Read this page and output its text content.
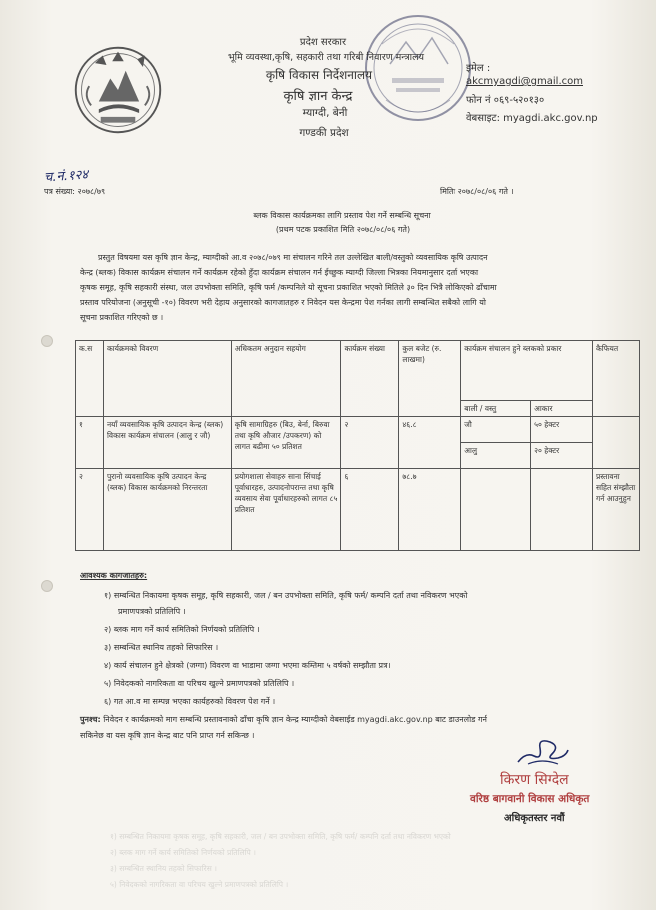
प्रदेश सरकार
भूमि व्यवस्था,कृषि, सहकारी तथा गरिबी निवारण मन्त्रालय
कृषि विकास निर्देशनालय
कृषि ज्ञान केन्द्र
म्याग्दी, बेनी
गण्डकी प्रदेश
इमेल :
akcmyagdi@gmail.com
फोन नं ०६९-५२०१३०
वेबसाइट: myagdi.akc.gov.np
च.नं.१२४
पत्र संख्या: २०७८/७९	मितिः २०७८/०८/०६ गते ।
ब्लक विकास कार्यक्रमका लागि प्रस्ताव पेश गर्ने सम्बन्धि सूचना
(प्रथम पटक प्रकाशित मिति २०७८/०८/०६ गते)
प्रस्तुत विषयमा यस कृषि ज्ञान केन्द्र, म्याग्दीको आ.व २०७८/०७९ मा संचालन गरिने तल उल्लेखित बाली/वस्तुको व्यवसायिक कृषि उत्पादन
केन्द्र (ब्लक) विकास कार्यक्रम संचालन गर्ने कार्यक्रम रहेको हुँदा कार्यक्रम संचालन गर्न ईच्छुक म्याग्दी जिल्ला भित्रका नियमानुसार दर्ता भएका
कृषक समूह, कृषि सहकारी संस्था, जल उपभोक्ता समिति, कृषि फर्म /कम्पनिले यो सूचना प्रकाशित भएको मितिले ३० दिन भित्रै लोकिएको ढाँचामा
प्रस्ताव परियोजना (अनुसूची -१०) विवरण भरी देहाय अनुसारको कागजातहरु र निवेदन यस केन्द्रमा पेश गर्नका लागी सम्बन्धित सबैको लागि यो
सूचना प्रकाशित गरिएको छ ।
क.स	कार्यक्रमको विवरण	अधिकतम अनुदान सहयोग	कार्यक्रम संख्या	कुल बजेट (रु. लाखमा)	कार्यक्रम संचालन हुने ब्लकको प्रकार		कैफियत
					बाली / वस्तु	आकार	
१	नयाँ व्यवसायिक कृषि उत्पादन केन्द्र (ब्लक) विकास कार्यक्रम संचालन (आलु र जौ)	कृषि सामाग्रिहरु (बिउ, बेर्ना, बिरुवा तथा कृषि औजार /उपकरण) को लागत बढीमा ५० प्रतिशत	२	४६.८	जौ	५० हेक्टर	
					आलु	२० हेक्टर	
२	पुरानो व्यवसायिक कृषि उत्पादन केन्द्र (ब्लक) विकास कार्यक्रमको निरन्तरता	प्रयोगशाला सेवाहरु साना सिंचाई पूर्वाधारहरु, उत्पादनोपरान्त तथा कृषि व्यवसाय सेवा पूर्वाधारहरुको लागत ८५ प्रतिशत	६	७८.७			प्रस्तावना सहित संम्झौता गर्न आउनुहुन
आवश्यक कागजातहरु:
१) सम्बन्धित निकायमा कृषक समूह, कृषि सहकारी, जल / बन उपभोक्ता समिति, कृषि फर्म/ कम्पनि दर्ता तथा नविकरण भएको
प्रमाणपत्रको प्रतिलिपि ।
२) ब्लक माग गर्ने कार्य समितिको निर्णयको प्रतिलिपि ।
३) सम्बन्धित स्थानिय तहको सिफारिस ।
४) कार्य संचालन हुने क्षेत्रको (जग्गा) विवरण वा भाडामा जग्गा भएमा कम्तिमा ५ वर्षको सम्झौता प्रत्र।
५) निवेदकको नागरिकता वा परिचय खुल्ने प्रमाणपत्रको प्रतिलिपि ।
६) गत आ.व मा सम्पन्न भएका कार्यहरुको विवरण पेश गर्ने ।
पुनश्च: निवेदन र कार्यक्रमको माग सम्बन्धि प्रस्तावनाको ढाँचा कृषि ज्ञान केन्द्र म्याग्दीको वेबसाईड myagdi.akc.gov.np बाट डाउनलोड गर्न
सकिनेछ वा यस कृषि ज्ञान केन्द्र बाट पनि प्राप्त गर्न सकिन्छ ।
किरण सिग्देल
वरिष्ठ बागवानी विकास अधिकृत
अधिकृतस्तर नवौं
१) सम्बन्धित निकायमा कृषक समूह, कृषि सहकारी, जल / बन उपभोक्ता समिति, कृषि फर्म/ कम्पनि दर्ता तथा नविकरण भएको
२) ब्लक माग गर्ने कार्य समितिको निर्णयको प्रतिलिपि ।
३) सम्बन्धित स्थानिय तहको सिफारिस ।
५) निवेदकको नागरिकता वा परिचय खुल्ने प्रमाणपत्रको प्रतिलिपि ।
